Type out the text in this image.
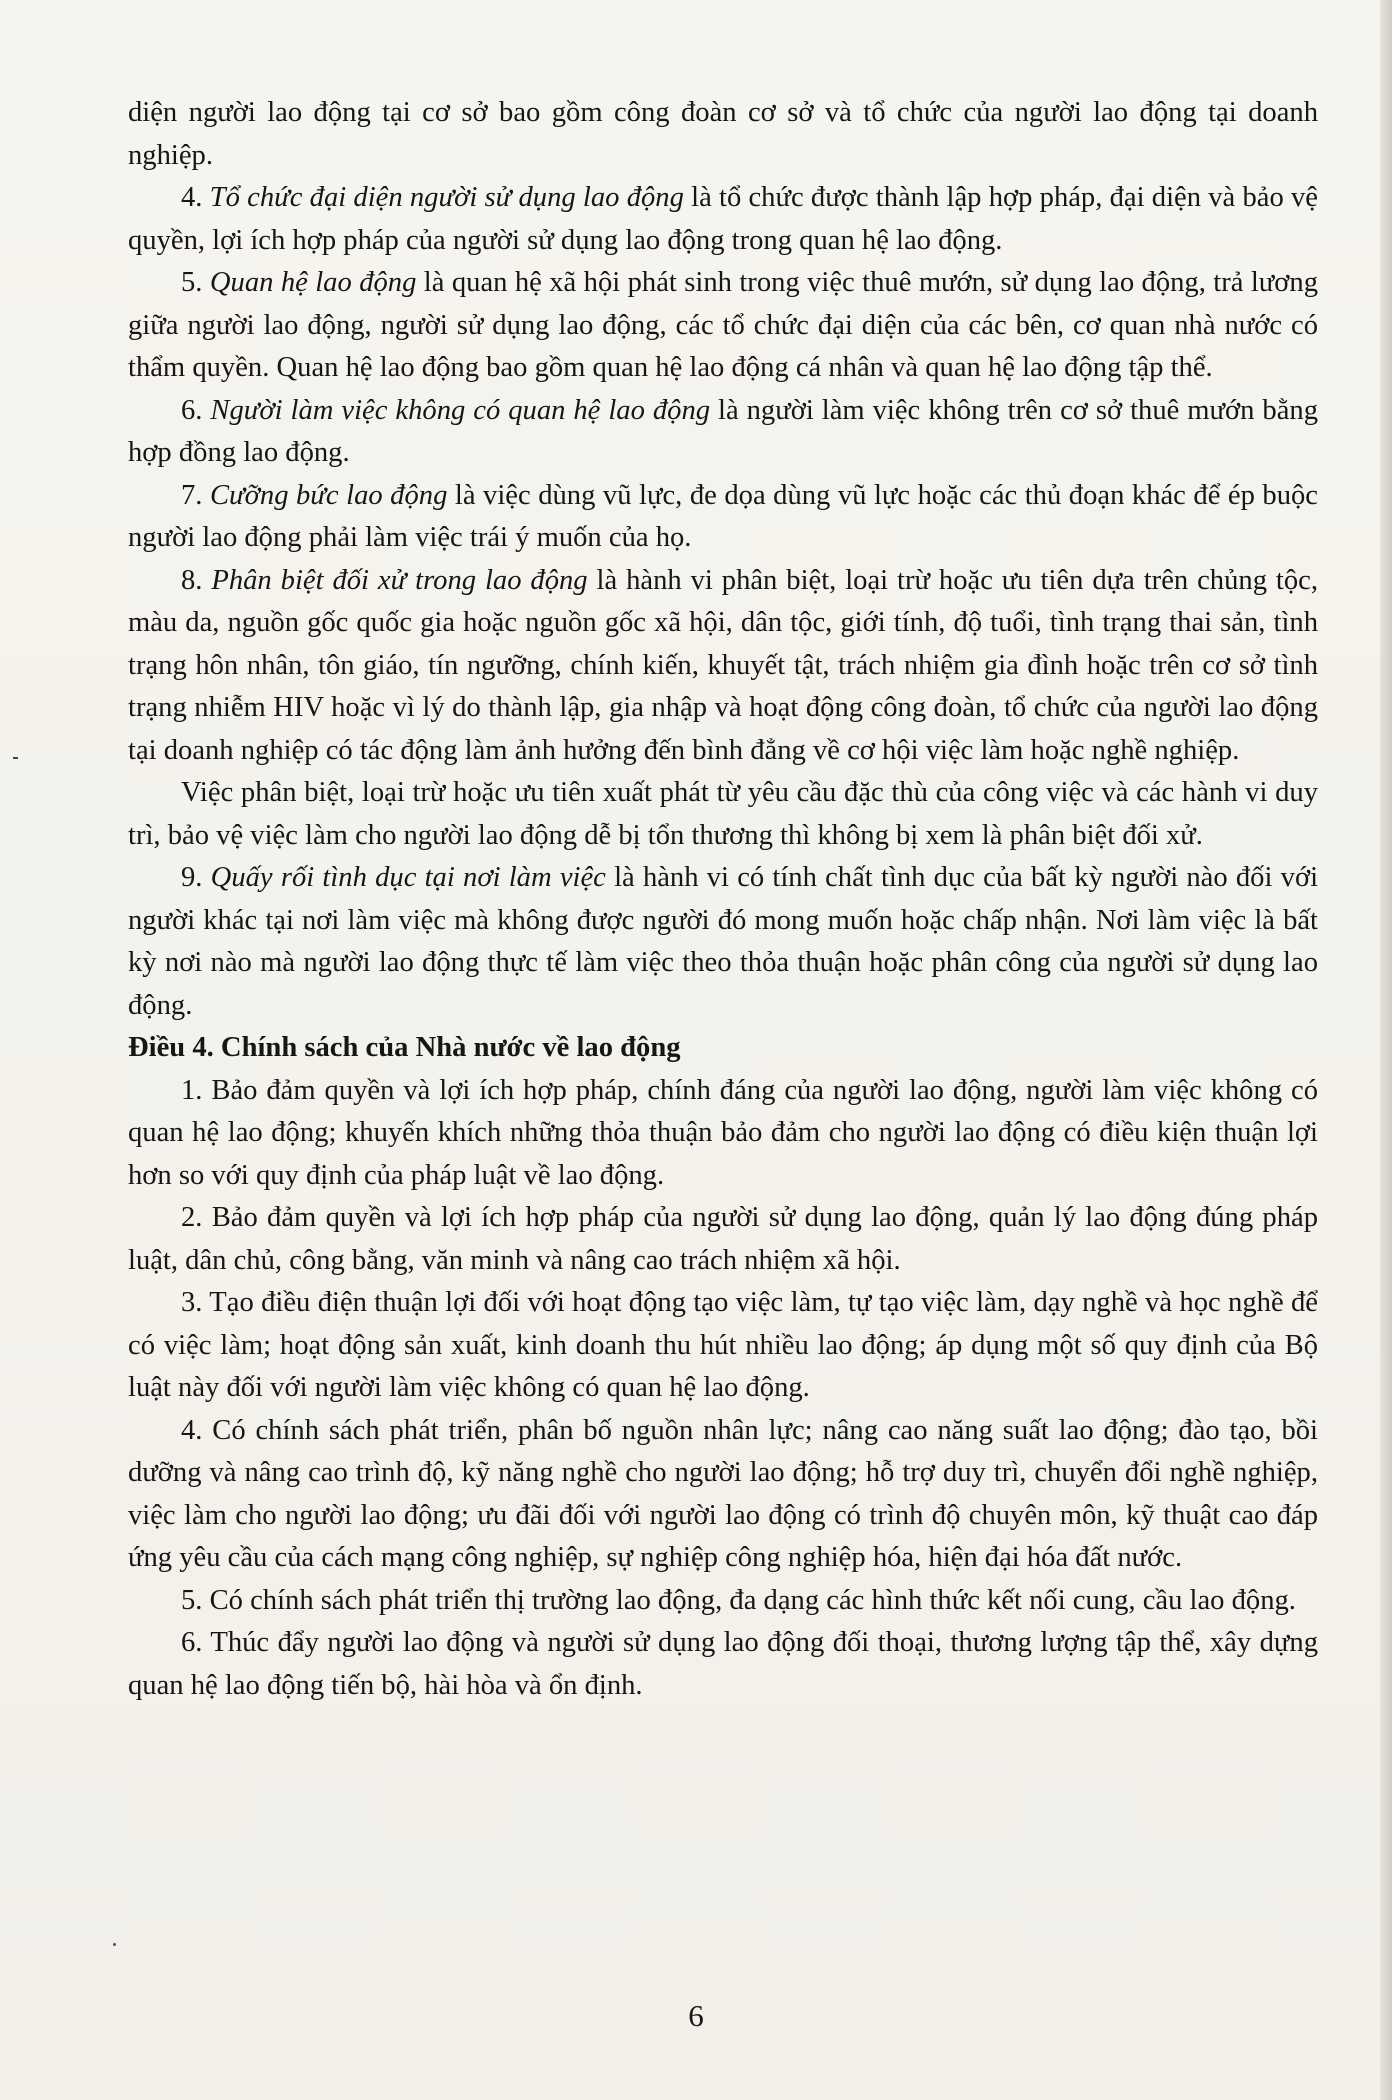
diện người lao động tại cơ sở bao gồm công đoàn cơ sở và tổ chức của người lao động tại doanh nghiệp.

4. Tổ chức đại diện người sử dụng lao động là tổ chức được thành lập hợp pháp, đại diện và bảo vệ quyền, lợi ích hợp pháp của người sử dụng lao động trong quan hệ lao động.

5. Quan hệ lao động là quan hệ xã hội phát sinh trong việc thuê mướn, sử dụng lao động, trả lương giữa người lao động, người sử dụng lao động, các tổ chức đại diện của các bên, cơ quan nhà nước có thẩm quyền. Quan hệ lao động bao gồm quan hệ lao động cá nhân và quan hệ lao động tập thể.

6. Người làm việc không có quan hệ lao động là người làm việc không trên cơ sở thuê mướn bằng hợp đồng lao động.

7. Cưỡng bức lao động là việc dùng vũ lực, đe dọa dùng vũ lực hoặc các thủ đoạn khác để ép buộc người lao động phải làm việc trái ý muốn của họ.

8. Phân biệt đối xử trong lao động là hành vi phân biệt, loại trừ hoặc ưu tiên dựa trên chủng tộc, màu da, nguồn gốc quốc gia hoặc nguồn gốc xã hội, dân tộc, giới tính, độ tuổi, tình trạng thai sản, tình trạng hôn nhân, tôn giáo, tín ngưỡng, chính kiến, khuyết tật, trách nhiệm gia đình hoặc trên cơ sở tình trạng nhiễm HIV hoặc vì lý do thành lập, gia nhập và hoạt động công đoàn, tổ chức của người lao động tại doanh nghiệp có tác động làm ảnh hưởng đến bình đẳng về cơ hội việc làm hoặc nghề nghiệp.

Việc phân biệt, loại trừ hoặc ưu tiên xuất phát từ yêu cầu đặc thù của công việc và các hành vi duy trì, bảo vệ việc làm cho người lao động dễ bị tổn thương thì không bị xem là phân biệt đối xử.

9. Quấy rối tình dục tại nơi làm việc là hành vi có tính chất tình dục của bất kỳ người nào đối với người khác tại nơi làm việc mà không được người đó mong muốn hoặc chấp nhận. Nơi làm việc là bất kỳ nơi nào mà người lao động thực tế làm việc theo thỏa thuận hoặc phân công của người sử dụng lao động.

Điều 4. Chính sách của Nhà nước về lao động

1. Bảo đảm quyền và lợi ích hợp pháp, chính đáng của người lao động, người làm việc không có quan hệ lao động; khuyến khích những thỏa thuận bảo đảm cho người lao động có điều kiện thuận lợi hơn so với quy định của pháp luật về lao động.

2. Bảo đảm quyền và lợi ích hợp pháp của người sử dụng lao động, quản lý lao động đúng pháp luật, dân chủ, công bằng, văn minh và nâng cao trách nhiệm xã hội.

3. Tạo điều điện thuận lợi đối với hoạt động tạo việc làm, tự tạo việc làm, dạy nghề và học nghề để có việc làm; hoạt động sản xuất, kinh doanh thu hút nhiều lao động; áp dụng một số quy định của Bộ luật này đối với người làm việc không có quan hệ lao động.

4. Có chính sách phát triển, phân bố nguồn nhân lực; nâng cao năng suất lao động; đào tạo, bồi dưỡng và nâng cao trình độ, kỹ năng nghề cho người lao động; hỗ trợ duy trì, chuyển đổi nghề nghiệp, việc làm cho người lao động; ưu đãi đối với người lao động có trình độ chuyên môn, kỹ thuật cao đáp ứng yêu cầu của cách mạng công nghiệp, sự nghiệp công nghiệp hóa, hiện đại hóa đất nước.

5. Có chính sách phát triển thị trường lao động, đa dạng các hình thức kết nối cung, cầu lao động.

6. Thúc đẩy người lao động và người sử dụng lao động đối thoại, thương lượng tập thể, xây dựng quan hệ lao động tiến bộ, hài hòa và ổn định.

6
